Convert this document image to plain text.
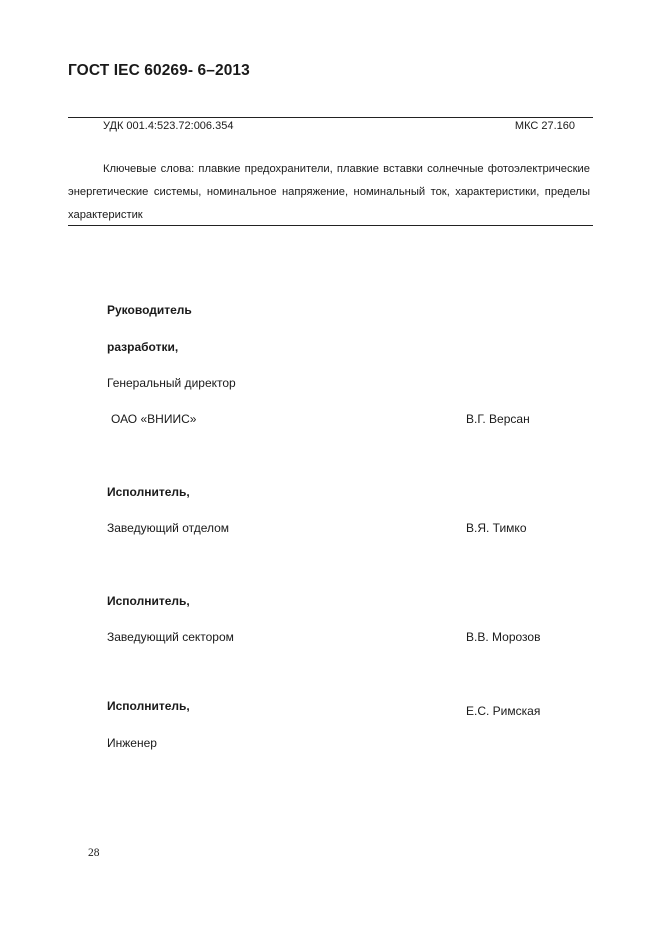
ГОСТ IEC 60269- 6–2013
УДК 001.4:523.72:006.354	МКС 27.160
Ключевые слова: плавкие предохранители, плавкие вставки солнечные фотоэлектрические энергетические системы, номинальное напряжение, номинальный ток, характеристики, пределы характеристик
Руководитель
разработки,
Генеральный директор
ОАО «ВНИИС»	В.Г. Версан
Исполнитель,
Заведующий отделом	В.Я. Тимко
Исполнитель,
Заведующий сектором	В.В. Морозов
Исполнитель,	Е.С. Римская
Инженер
28
